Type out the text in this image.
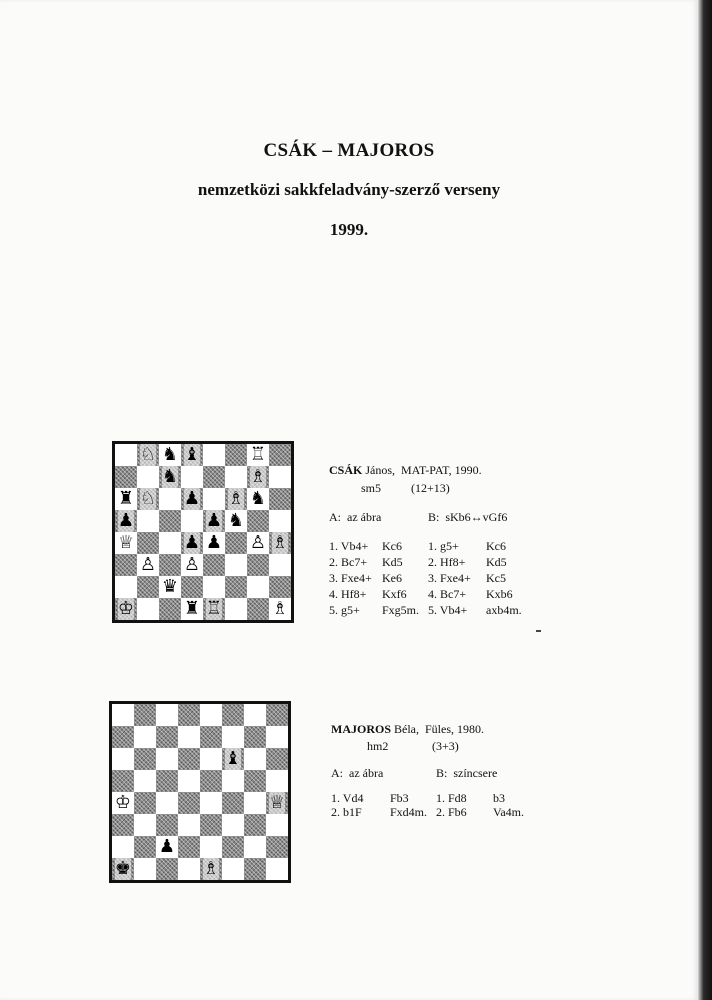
CSÁK – MAJOROS
nemzetközi sakkfeladvány-szerző verseny
1999.
♘ ♞ ♝	♖
♞	♗
♜ ♘ ♟ ♗ ♞
♟	♟ ♞
♕	♟ ♟ ♙ ♗
♙ ♙
♛
♔	♜ ♖	♗
CSÁK János,  MAT-PAT, 1990.
sm5 (12+13)
A:  az ábra	B:  sKb6↔vGf6
1. Vb4+ Kc6
2. Bc7+ Kd5
3. Fxe4+ Ke6
4. Hf8+ Kxf6
5. g5+ Fxg5m.
1. g5+ Kc6
2. Hf8+ Kd5
3. Fxe4+ Kc5
4. Bc7+ Kxb6
5. Vb4+ axb4m.
♝
♔	♕
♟
♚	♗
MAJOROS Béla,  Füles, 1980.
hm2	(3+3)
A:  az ábra	B:  színcsere
1. Vd4 Fb3
2. b1F Fxd4m.
1. Fd8 b3
2. Fb6 Va4m.
